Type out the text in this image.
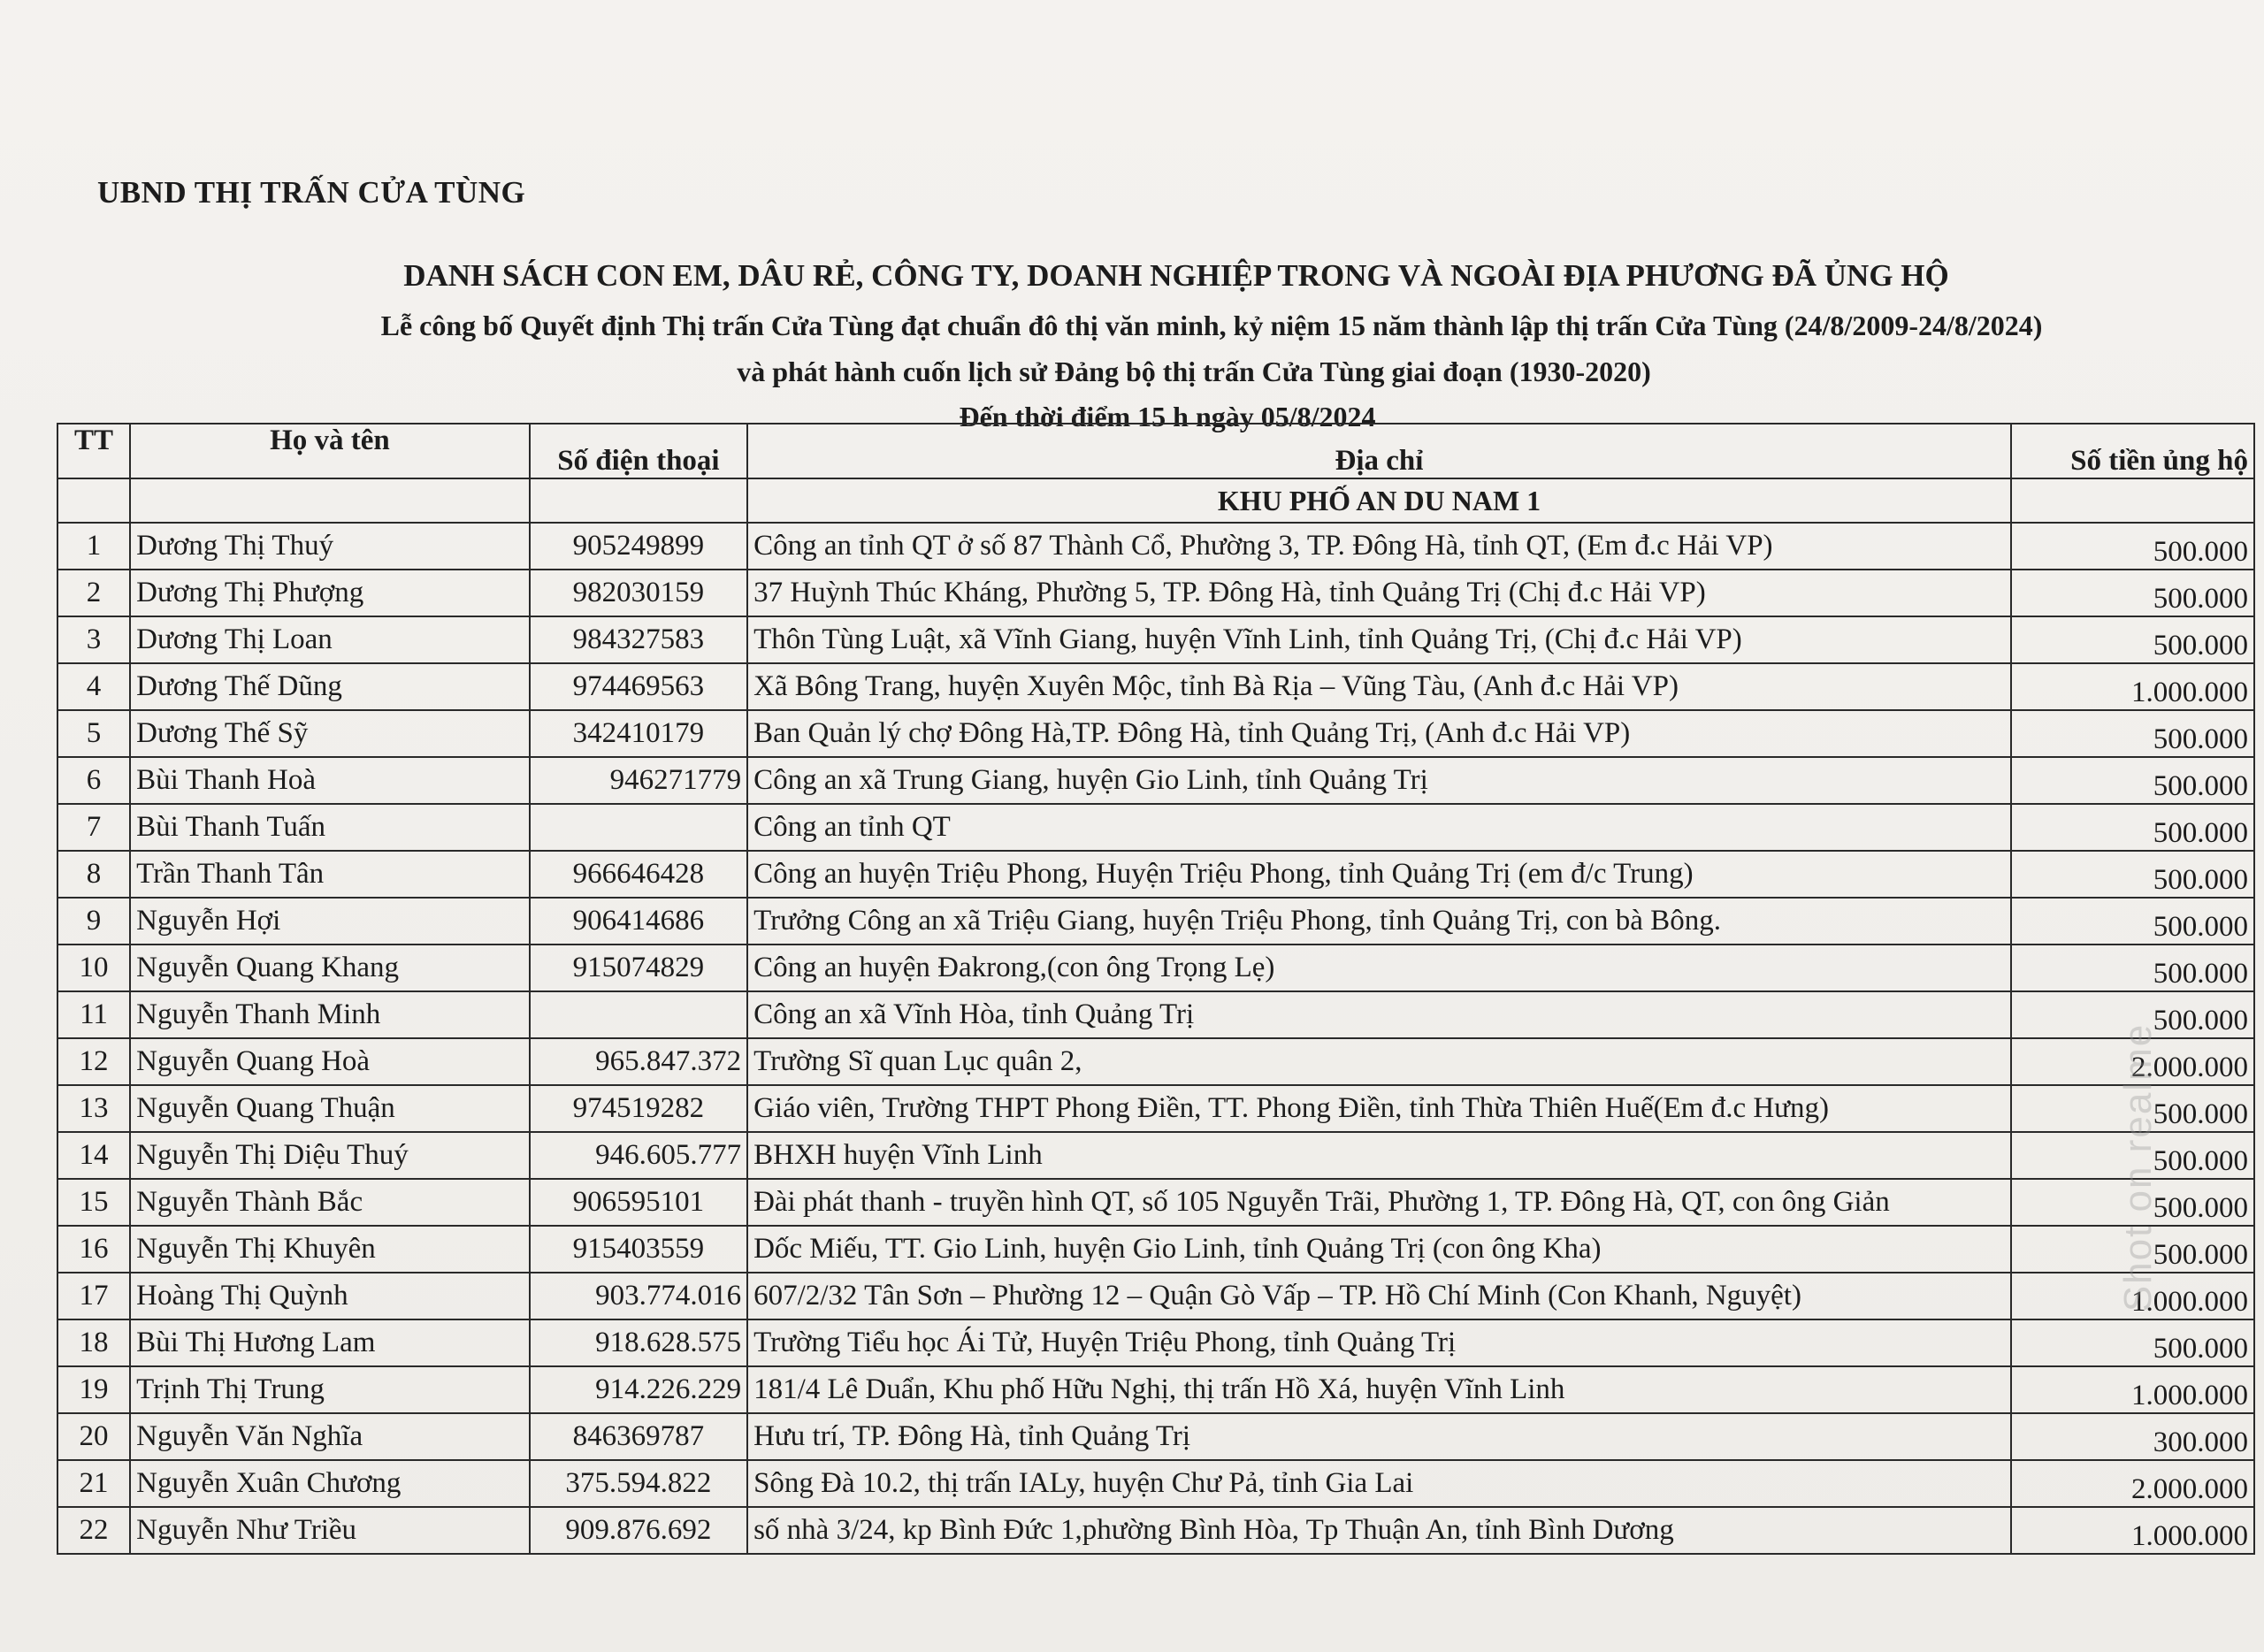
UBND THỊ TRẤN CỬA TÙNG
DANH SÁCH CON EM, DÂU RẺ, CÔNG TY, DOANH NGHIỆP TRONG VÀ NGOÀI ĐỊA PHƯƠNG ĐÃ ỦNG HỘ
Lễ công bố Quyết định Thị trấn Cửa Tùng đạt chuẩn đô thị văn minh, kỷ niệm 15 năm thành lập thị trấn Cửa Tùng (24/8/2009-24/8/2024)
và phát hành cuốn lịch sử Đảng bộ thị trấn Cửa Tùng giai đoạn (1930-2020)
Đến thời điểm 15 h ngày 05/8/2024
TT	Họ và tên	Số điện thoại	Địa chỉ	Số tiền ủng hộ
			KHU PHỐ AN DU NAM 1	
1	Dương Thị Thuý	905249899	Công an tỉnh QT ở số 87 Thành Cổ, Phường 3, TP. Đông Hà, tỉnh QT, (Em đ.c Hải VP)	500.000
2	Dương Thị Phượng	982030159	37 Huỳnh Thúc Kháng, Phường 5, TP. Đông Hà, tỉnh Quảng Trị (Chị đ.c Hải VP)	500.000
3	Dương Thị Loan	984327583	Thôn Tùng Luật, xã Vĩnh Giang, huyện Vĩnh Linh, tỉnh Quảng Trị, (Chị đ.c Hải VP)	500.000
4	Dương Thế Dũng	974469563	Xã Bông Trang, huyện Xuyên Mộc, tỉnh Bà Rịa – Vũng Tàu, (Anh đ.c Hải VP)	1.000.000
5	Dương Thế Sỹ	342410179	Ban Quản lý chợ Đông Hà,TP. Đông Hà, tỉnh Quảng Trị, (Anh đ.c Hải VP)	500.000
6	Bùi Thanh Hoà	946271779	Công an xã Trung Giang, huyện Gio Linh, tỉnh Quảng Trị	500.000
7	Bùi Thanh Tuấn		Công an tỉnh QT	500.000
8	Trần Thanh Tân	966646428	Công an huyện Triệu Phong, Huyện Triệu Phong, tỉnh Quảng Trị (em đ/c Trung)	500.000
9	Nguyễn Hợi	906414686	Trưởng Công an xã Triệu Giang, huyện Triệu Phong, tỉnh Quảng Trị, con bà Bông.	500.000
10	Nguyễn Quang Khang	915074829	Công an huyện Đakrong,(con ông Trọng Lẹ)	500.000
11	Nguyễn Thanh Minh		Công an xã Vĩnh Hòa, tỉnh Quảng Trị	500.000
12	Nguyễn Quang Hoà	965.847.372	Trường Sĩ quan Lục quân 2,	2.000.000
13	Nguyễn Quang Thuận	974519282	Giáo viên, Trường THPT Phong Điền, TT. Phong Điền, tỉnh Thừa Thiên Huế(Em đ.c Hưng)	500.000
14	Nguyễn Thị Diệu Thuý	946.605.777	BHXH huyện Vĩnh Linh	500.000
15	Nguyễn Thành Bắc	906595101	Đài phát thanh - truyền hình QT, số 105 Nguyễn Trãi, Phường 1, TP. Đông Hà, QT, con ông Giản	500.000
16	Nguyễn Thị Khuyên	915403559	Dốc Miếu, TT. Gio Linh, huyện Gio Linh, tỉnh Quảng Trị (con ông Kha)	500.000
17	Hoàng Thị Quỳnh	903.774.016	607/2/32 Tân Sơn – Phường 12 – Quận Gò Vấp – TP. Hồ Chí Minh (Con Khanh, Nguyệt)	1.000.000
18	Bùi Thị Hương Lam	918.628.575	Trường Tiểu học Ái Tử, Huyện Triệu Phong, tỉnh Quảng Trị	500.000
19	Trịnh Thị Trung	914.226.229	181/4 Lê Duẩn, Khu phố Hữu Nghị, thị trấn Hồ Xá, huyện Vĩnh Linh	1.000.000
20	Nguyễn Văn Nghĩa	846369787	Hưu trí, TP. Đông Hà, tỉnh Quảng Trị	300.000
21	Nguyễn Xuân Chương	375.594.822	Sông Đà 10.2, thị trấn IALy, huyện Chư Pả, tỉnh Gia Lai	2.000.000
22	Nguyễn Như Triều	909.876.692	số nhà 3/24, kp Bình Đức 1,phường Bình Hòa, Tp Thuận An, tỉnh Bình Dương	1.000.000
Shot on realme
